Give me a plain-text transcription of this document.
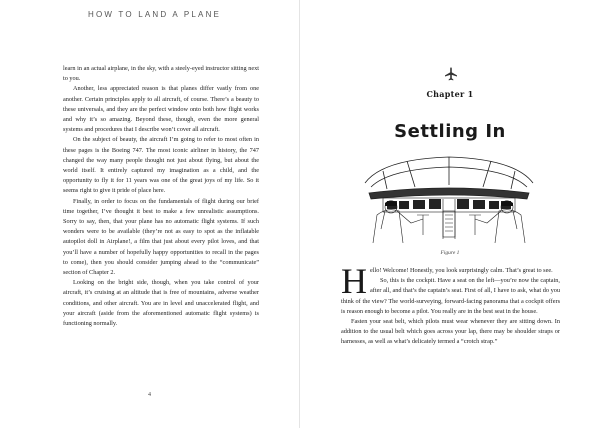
HOW TO LAND A PLANE

learn in an actual airplane, in the sky, with a steely-eyed instructor sitting next to you.

Another, less appreciated reason is that planes differ vastly from one another. Certain principles apply to all aircraft, of course. There’s a beauty to these universals, and they are the perfect window onto both how flight works and why it’s so amazing. Beyond these, though, even the more general systems and procedures that I describe won’t cover all aircraft.

On the subject of beauty, the aircraft I’m going to refer to most often in these pages is the Boeing 747. The most iconic airliner in history, the 747 changed the way many people thought not just about flying, but about the world itself. It entirely captured my imagination as a child, and the opportunity to fly it for 11 years was one of the great joys of my life. So it seems right to give it pride of place here.

Finally, in order to focus on the fundamentals of flight during our brief time together, I’ve thought it best to make a few unrealistic assumptions. Sorry to say, then, that your plane has no automatic flight systems. If such wonders were to be available (they’re not as easy to spot as the inflatable autopilot doll in Airplane!, a film that just about every pilot loves, and that you’ll have a number of hopefully happy opportunities to recall in the pages to come), then you should consider jumping ahead to the “communicate” section of Chapter 2.

Looking on the bright side, though, when you take control of your aircraft, it’s cruising at an altitude that is free of mountains, adverse weather conditions, and other aircraft. You are in level and unaccelerated flight, and your aircraft (aside from the aforementioned automatic flight systems) is functioning normally.

4
Chapter 1
Settling In
Figure 1

Hello! Welcome! Honestly, you look surprisingly calm. That’s great to see.

So, this is the cockpit. Have a seat on the left—you’re now the captain, after all, and that’s the captain’s seat. First of all, I have to ask, what do you think of the view? The world-surveying, forward-facing panorama that a cockpit offers is reason enough to become a pilot. You really are in the best seat in the house.

Fasten your seat belt, which pilots must wear whenever they are sitting down. In addition to the usual belt which goes across your lap, there may be shoulder straps or harnesses, as well as what’s delicately termed a “crotch strap.”
